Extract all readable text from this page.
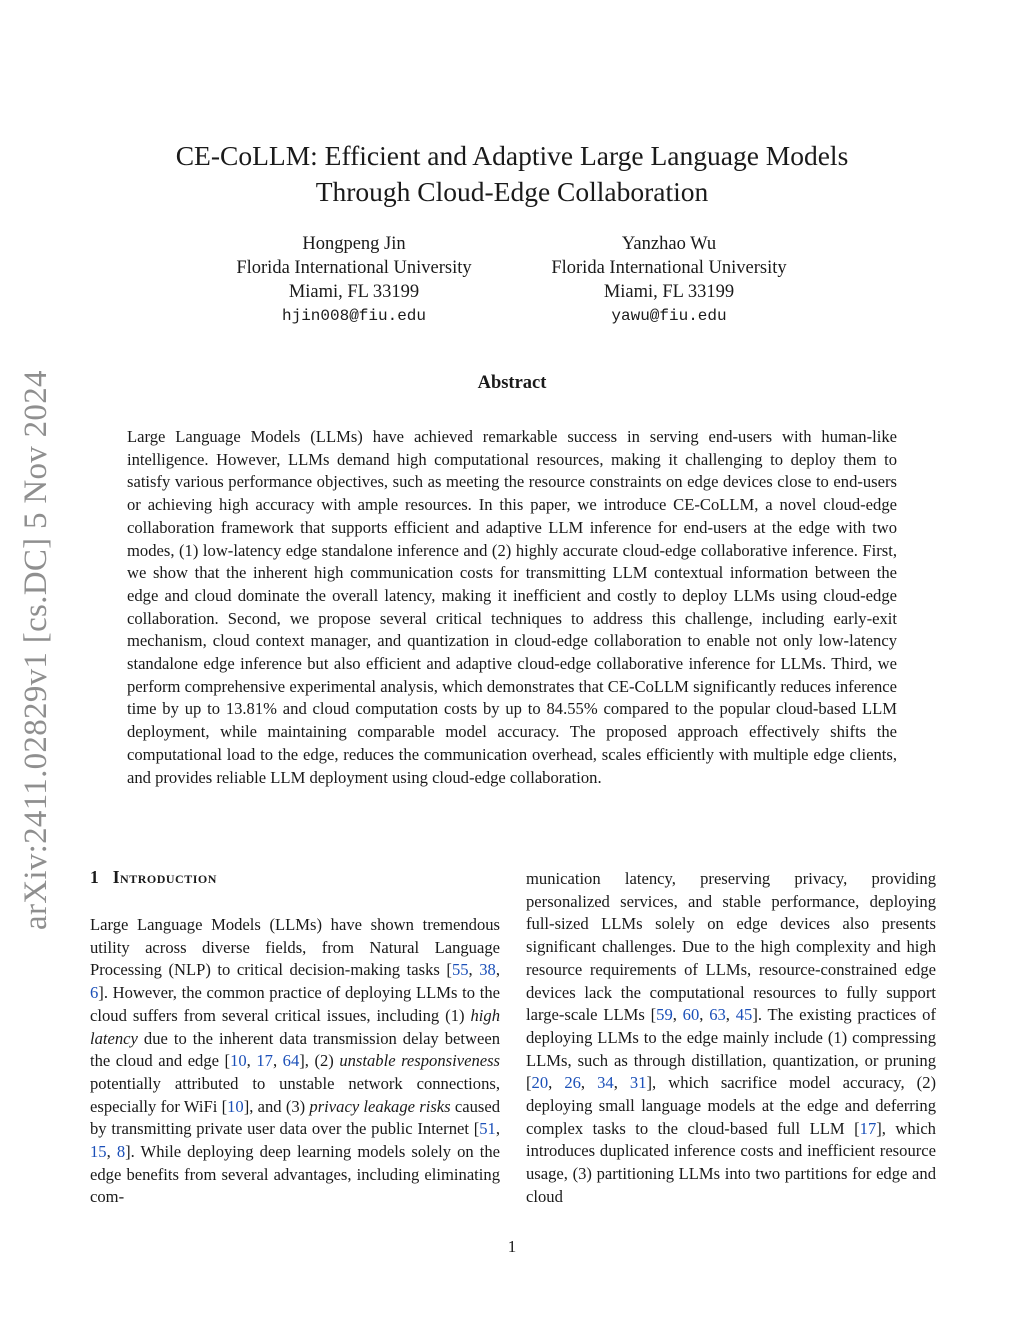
arXiv:2411.02829v1 [cs.DC] 5 Nov 2024
CE-CoLLM: Efficient and Adaptive Large Language Models
Through Cloud-Edge Collaboration
Hongpeng Jin
Florida International University
Miami, FL 33199
hjin008@fiu.edu
Yanzhao Wu
Florida International University
Miami, FL 33199
yawu@fiu.edu
Abstract
Large Language Models (LLMs) have achieved remarkable success in serving end-users with human-like intelligence. However, LLMs demand high computational resources, making it challenging to deploy them to satisfy various performance objectives, such as meeting the resource constraints on edge devices close to end-users or achieving high accuracy with ample resources. In this paper, we introduce CE-CoLLM, a novel cloud-edge collaboration framework that supports efficient and adaptive LLM inference for end-users at the edge with two modes, (1) low-latency edge standalone inference and (2) highly accurate cloud-edge collaborative inference. First, we show that the inherent high communication costs for transmitting LLM contextual information between the edge and cloud dominate the overall latency, making it inefficient and costly to deploy LLMs using cloud-edge collaboration. Second, we propose several critical techniques to address this challenge, including early-exit mechanism, cloud context manager, and quantization in cloud-edge collaboration to enable not only low-latency standalone edge inference but also efficient and adaptive cloud-edge collaborative inference for LLMs. Third, we perform comprehensive experimental analysis, which demonstrates that CE-CoLLM significantly reduces inference time by up to 13.81% and cloud computation costs by up to 84.55% compared to the popular cloud-based LLM deployment, while maintaining comparable model accuracy. The proposed approach effectively shifts the computational load to the edge, reduces the communication overhead, scales efficiently with multiple edge clients, and provides reliable LLM deployment using cloud-edge collaboration.
1 Introduction
Large Language Models (LLMs) have shown tremendous utility across diverse fields, from Natural Language Processing (NLP) to critical decision-making tasks [55, 38, 6]. However, the common practice of deploying LLMs to the cloud suffers from several critical issues, including (1) high latency due to the inherent data transmission delay between the cloud and edge [10, 17, 64], (2) unstable responsiveness potentially attributed to unstable network connections, especially for WiFi [10], and (3) privacy leakage risks caused by transmitting private user data over the public Internet [51, 15, 8]. While deploying deep learning models solely on the edge benefits from several advantages, including eliminating com-
munication latency, preserving privacy, providing personalized services, and stable performance, deploying full-sized LLMs solely on edge devices also presents significant challenges. Due to the high complexity and high resource requirements of LLMs, resource-constrained edge devices lack the computational resources to fully support large-scale LLMs [59, 60, 63, 45]. The existing practices of deploying LLMs to the edge mainly include (1) compressing LLMs, such as through distillation, quantization, or pruning [20, 26, 34, 31], which sacrifice model accuracy, (2) deploying small language models at the edge and deferring complex tasks to the cloud-based full LLM [17], which introduces duplicated inference costs and inefficient resource usage, (3) partitioning LLMs into two partitions for edge and cloud
1
